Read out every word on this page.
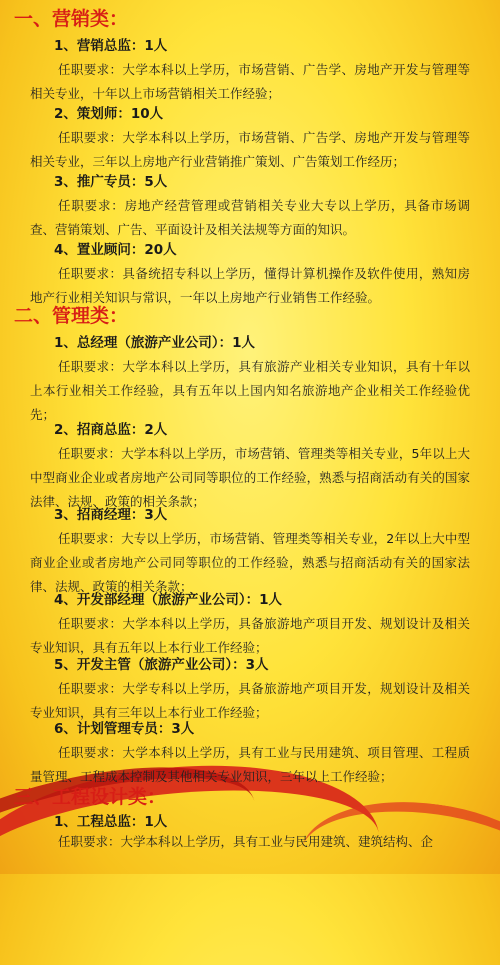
一、营销类：
1、营销总监：1人
任职要求：大学本科以上学历，市场营销、广告学、房地产开发与管理等相关专业，十年以上市场营销相关工作经验；
2、策划师：10人
任职要求：大学本科以上学历，市场营销、广告学、房地产开发与管理等相关专业，三年以上房地产行业营销推广策划、广告策划工作经历；
3、推广专员：5人
任职要求：房地产经营管理或营销相关专业大专以上学历，具备市场调查、营销策划、广告、平面设计及相关法规等方面的知识。
4、置业顾问：20人
任职要求：具备统招专科以上学历，懂得计算机操作及软件使用，熟知房地产行业相关知识与常识，一年以上房地产行业销售工作经验。
二、管理类：
1、总经理（旅游产业公司）：1人
任职要求：大学本科以上学历，具有旅游产业相关专业知识，具有十年以上本行业相关工作经验，具有五年以上国内知名旅游地产企业相关工作经验优先；
2、招商总监：2人
任职要求：大学本科以上学历，市场营销、管理类等相关专业，5年以上大中型商业企业或者房地产公司同等职位的工作经验，熟悉与招商活动有关的国家法律、法规、政策的相关条款；
3、招商经理：3人
任职要求：大专以上学历，市场营销、管理类等相关专业，2年以上大中型商业企业或者房地产公司同等职位的工作经验，熟悉与招商活动有关的国家法律、法规、政策的相关条款；
4、开发部经理（旅游产业公司）：1人
任职要求：大学本科以上学历，具备旅游地产项目开发、规划设计及相关专业知识，具有五年以上本行业工作经验；
5、开发主管（旅游产业公司）：3人
任职要求：大学专科以上学历，具备旅游地产项目开发，规划设计及相关专业知识，具有三年以上本行业工作经验；
6、计划管理专员：3人
任职要求：大学本科以上学历，具有工业与民用建筑、项目管理、工程质量管理、工程成本控制及其他相关专业知识，三年以上工作经验；
三、工程设计类：
1、工程总监：1人
任职要求：大学本科以上学历，具有工业与民用建筑、建筑结构、企
